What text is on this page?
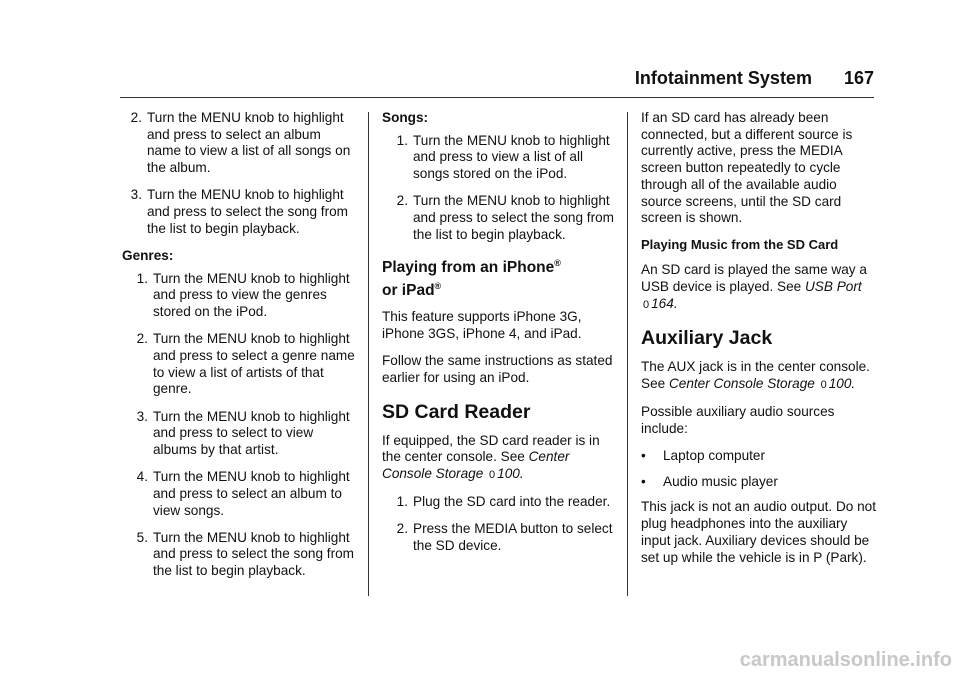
Infotainment System 167
2. Turn the MENU knob to highlight and press to select an album name to view a list of all songs on the album.
3. Turn the MENU knob to highlight and press to select the song from the list to begin playback.
Genres:
1. Turn the MENU knob to highlight and press to view the genres stored on the iPod.
2. Turn the MENU knob to highlight and press to select a genre name to view a list of artists of that genre.
3. Turn the MENU knob to highlight and press to select to view albums by that artist.
4. Turn the MENU knob to highlight and press to select an album to view songs.
5. Turn the MENU knob to highlight and press to select the song from the list to begin playback.
Songs:
1. Turn the MENU knob to highlight and press to view a list of all songs stored on the iPod.
2. Turn the MENU knob to highlight and press to select the song from the list to begin playback.
Playing from an iPhone®
or iPad®

This feature supports iPhone 3G, iPhone 3GS, iPhone 4, and iPad.

Follow the same instructions as stated earlier for using an iPod.

SD Card Reader

If equipped, the SD card reader is in the center console. See Center Console Storage 0 100.

1. Plug the SD card into the reader.
2. Press the MEDIA button to select the SD device.

If an SD card has already been connected, but a different source is currently active, press the MEDIA screen button repeatedly to cycle through all of the available audio source screens, until the SD card screen is shown.

Playing Music from the SD Card

An SD card is played the same way a USB device is played. See USB Port 0 164.

Auxiliary Jack

The AUX jack is in the center console. See Center Console Storage 0 100.

Possible auxiliary audio sources include:

•	Laptop computer
•	Audio music player

This jack is not an audio output. Do not plug headphones into the auxiliary input jack. Auxiliary devices should be set up while the vehicle is in P (Park).

carmanualsonline.info
